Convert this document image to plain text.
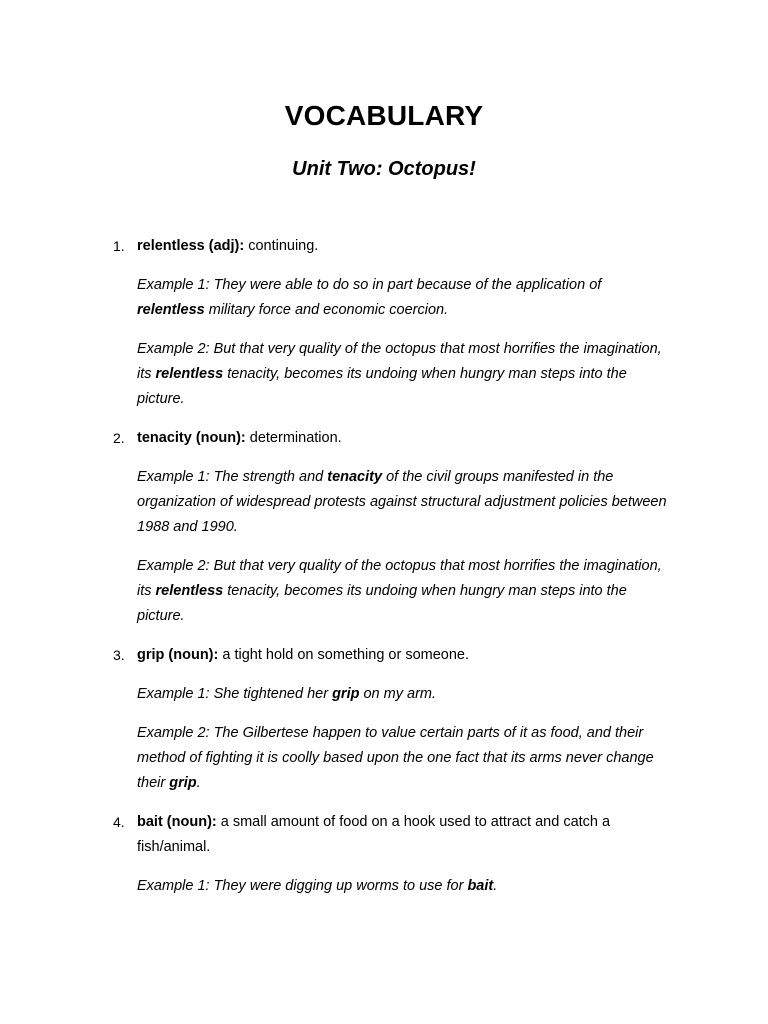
VOCABULARY
Unit Two: Octopus!
1. relentless (adj): continuing.
Example 1: They were able to do so in part because of the application of relentless military force and economic coercion.
Example 2: But that very quality of the octopus that most horrifies the imagination, its relentless tenacity, becomes its undoing when hungry man steps into the picture.
2. tenacity (noun): determination.
Example 1: The strength and tenacity of the civil groups manifested in the organization of widespread protests against structural adjustment policies between 1988 and 1990.
Example 2: But that very quality of the octopus that most horrifies the imagination, its relentless tenacity, becomes its undoing when hungry man steps into the picture.
3. grip (noun): a tight hold on something or someone.
Example 1: She tightened her grip on my arm.
Example 2: The Gilbertese happen to value certain parts of it as food, and their method of fighting it is coolly based upon the one fact that its arms never change their grip.
4. bait (noun): a small amount of food on a hook used to attract and catch a fish/animal.
Example 1: They were digging up worms to use for bait.
